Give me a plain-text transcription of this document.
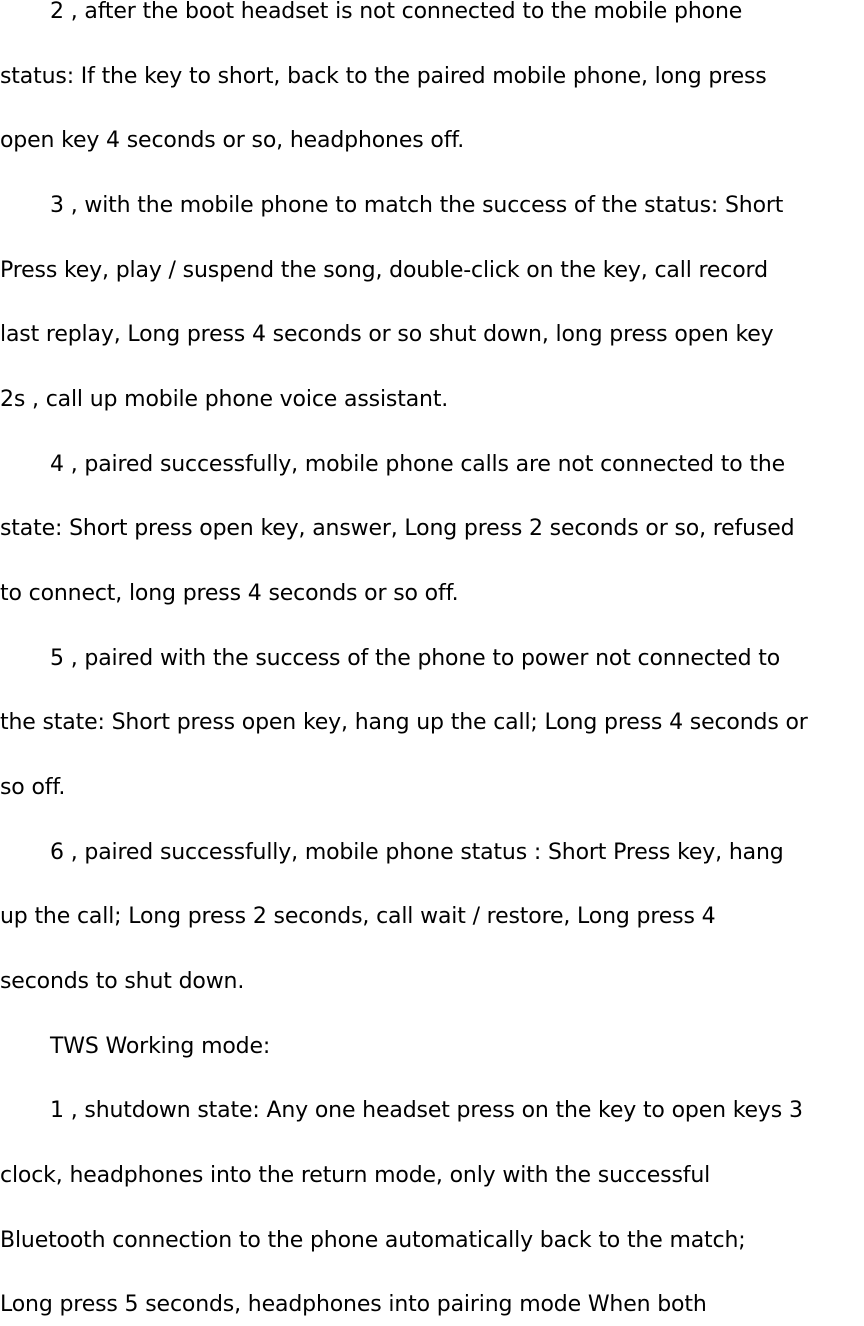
2 , after the boot headset is not connected to the mobile phone
status: If the key to short, back to the paired mobile phone, long press
open key 4 seconds or so, headphones off.
3 , with the mobile phone to match the success of the status: Short
Press key, play / suspend the song, double-click on the key, call record
last replay, Long press 4 seconds or so shut down, long press open key
2s , call up mobile phone voice assistant.
4 , paired successfully, mobile phone calls are not connected to the
state: Short press open key, answer, Long press 2 seconds or so, refused
to connect, long press 4 seconds or so off.
5 , paired with the success of the phone to power not connected to
the state: Short press open key, hang up the call; Long press 4 seconds or
so off.
6 , paired successfully, mobile phone status : Short Press key, hang
up the call; Long press 2 seconds, call wait / restore, Long press 4
seconds to shut down.
TWS Working mode:
1 , shutdown state: Any one headset press on the key to open keys 3
clock, headphones into the return mode, only with the successful
Bluetooth connection to the phone automatically back to the match;
Long press 5 seconds, headphones into pairing mode When both
